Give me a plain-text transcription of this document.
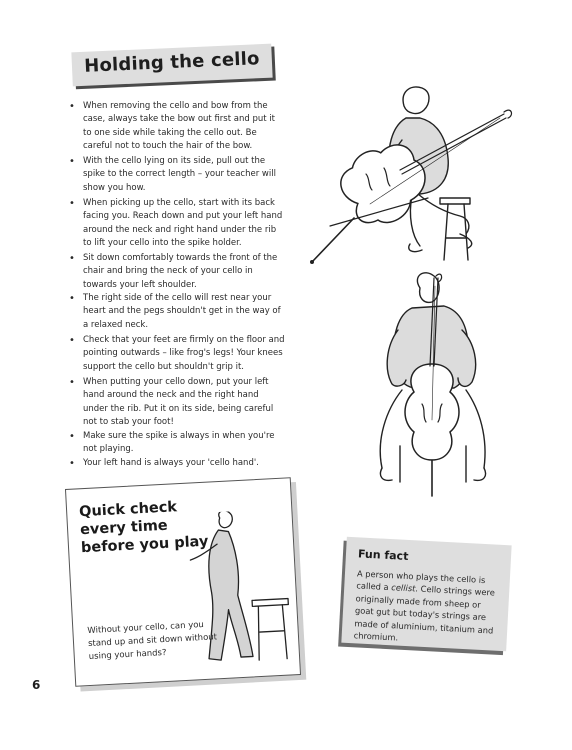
Holding the cello
• When removing the cello and bow from the case, always take the bow out first and put it to one side while taking the cello out. Be careful not to touch the hair of the bow.
• With the cello lying on its side, pull out the spike to the correct length – your teacher will show you how.
• When picking up the cello, start with its back facing you. Reach down and put your left hand around the neck and right hand under the rib to lift your cello into the spike holder.
• Sit down comfortably towards the front of the chair and bring the neck of your cello in towards your left shoulder.
• The right side of the cello will rest near your heart and the pegs shouldn't get in the way of a relaxed neck.
• Check that your feet are firmly on the floor and pointing outwards – like frog's legs! Your knees support the cello but shouldn't grip it.
• When putting your cello down, put your left hand around the neck and the right hand under the rib. Put it on its side, being careful not to stab your foot!
• Make sure the spike is always in when you're not playing.
• Your left hand is always your 'cello hand'.
Quick check every time before you play
Without your cello, can you stand up and sit down without using your hands?
Fun fact
A person who plays the cello is called a cellist. Cello strings were originally made from sheep or goat gut but today's strings are made of aluminium, titanium and chromium.
6
